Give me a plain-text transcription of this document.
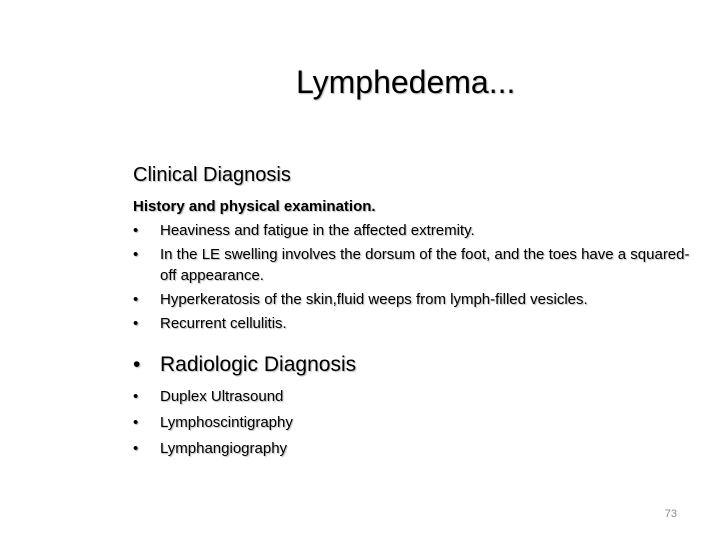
Lymphedema...
Clinical Diagnosis
History and physical examination.
• Heaviness and fatigue in the affected extremity.
• In the LE swelling involves the dorsum of the foot, and the toes have a squared-off appearance.
• Hyperkeratosis of the skin,fluid weeps from lymph-filled vesicles.
• Recurrent cellulitis.
• Radiologic Diagnosis
• Duplex Ultrasound
• Lymphoscintigraphy
• Lymphangiography
73
